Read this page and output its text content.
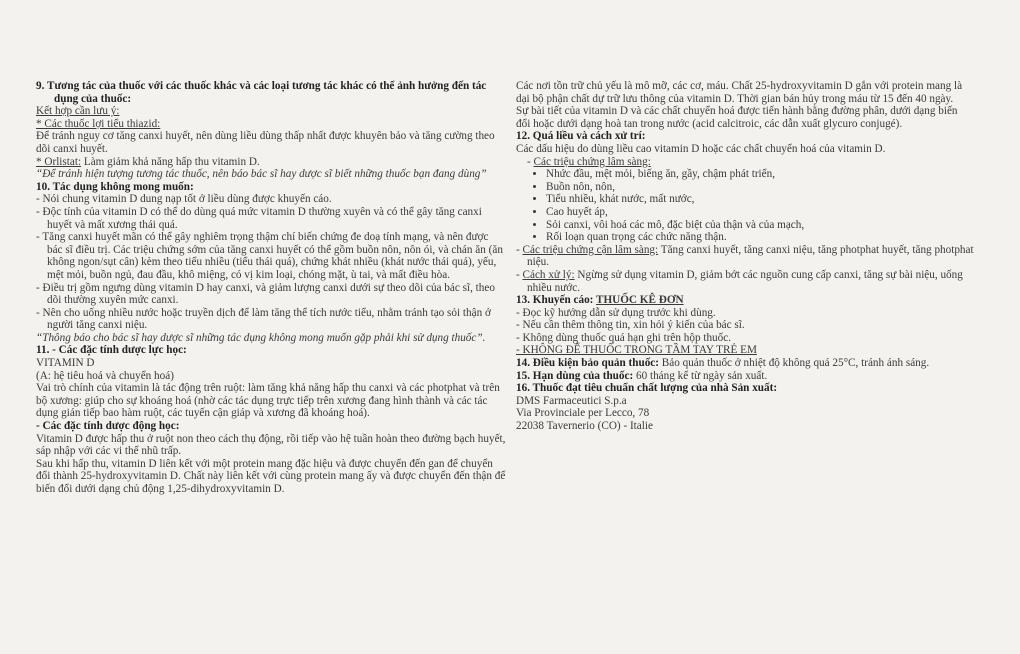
9. Tương tác của thuốc với các thuốc khác và các loại tương tác khác có thể ảnh hưởng đến tác dụng của thuốc:

Kết hợp cần lưu ý:

* Các thuốc lợi tiểu thiazid:

Để tránh nguy cơ tăng canxi huyết, nên dùng liều dùng thấp nhất được khuyên bảo và tăng cường theo dõi canxi huyết.

* Orlistat: Làm giảm khả năng hấp thu vitamin D.

“Để tránh hiện tượng tương tác thuốc, nên báo bác sĩ hay dược sĩ biết những thuốc bạn đang dùng”

10. Tác dụng không mong muốn:

- Nói chung vitamin D dung nạp tốt ở liều dùng được khuyến cáo.

- Độc tính của vitamin D có thể do dùng quá mức vitamin D thường xuyên và có thể gây tăng canxi huyết và mất xương thái quá.

- Tăng canxi huyết mãn có thể gây nghiêm trọng thậm chí biến chứng đe doạ tính mạng, và nên được bác sĩ điều trị. Các triệu chứng sớm của tăng canxi huyết có thể gồm buồn nôn, nôn ói, và chán ăn (ăn không ngon/sụt cân) kèm theo tiểu nhiều (tiểu thái quá), chứng khát nhiều (khát nước thái quá), yếu, mệt mỏi, buồn ngủ, đau đầu, khô miệng, có vị kim loại, chóng mặt, ù tai, và mất điều hòa.

- Điều trị gồm ngưng dùng vitamin D hay canxi, và giảm lượng canxi dưới sự theo dõi của bác sĩ, theo dõi thường xuyên mức canxi.

- Nên cho uống nhiều nước hoặc truyền dịch để làm tăng thể tích nước tiểu, nhằm tránh tạo sỏi thận ở người tăng canxi niệu.

“Thông báo cho bác sĩ hay dược sĩ những tác dụng không mong muốn gặp phải khi sử dụng thuốc”.

11. - Các đặc tính dược lực học:

VITAMIN D

(A: hệ tiêu hoá và chuyển hoá)

Vai trò chính của vitamin là tác động trên ruột: làm tăng khả năng hấp thu canxi và các photphat và trên bộ xương: giúp cho sự khoáng hoá (nhờ các tác dụng trực tiếp trên xương đang hình thành và các tác dụng gián tiếp bao hàm ruột, các tuyến cận giáp và xương đã khoáng hoá).

- Các đặc tính dược động học:

Vitamin D được hấp thu ở ruột non theo cách thụ động, rồi tiếp vào hệ tuần hoàn theo đường bạch huyết, sáp nhập với các vi thể nhũ trấp.

Sau khi hấp thu, vitamin D liên kết với một protein mang đặc hiệu và được chuyển đến gan để chuyển đổi thành 25-hydroxyvitamin D. Chất này liên kết với cùng protein mang ấy và được chuyển đến thận để biến đổi dưới dạng chủ động 1,25-dihydroxyvitamin D.

Các nơi tồn trữ chủ yếu là mô mỡ, các cơ, máu. Chất 25-hydroxyvitamin D gắn với protein mang là dại bộ phận chất dự trữ lưu thông của vitamin D. Thời gian bán hủy trong máu từ 15 đến 40 ngày.

Sự bài tiết của vitamin D và các chất chuyển hoá được tiến hành bằng đường phân, dưới dạng biến đổi hoặc dưới dạng hoà tan trong nước (acid calcitroic, các dẫn xuất glycuro conjugé).

12. Quá liều và cách xử trí:

Các dấu hiệu do dùng liều cao vitamin D hoặc các chất chuyển hoá của vitamin D.

- Các triệu chứng lâm sàng:

• Nhức đầu, mệt mỏi, biếng ăn, gầy, chậm phát triển,
• Buồn nôn, nôn,
• Tiểu nhiều, khát nước, mất nước,
• Cao huyết áp,
• Sỏi canxi, vôi hoá các mô, đặc biệt của thận và của mạch,
• Rối loạn quan trọng các chức năng thận.

- Các triệu chứng cận lâm sàng: Tăng canxi huyết, tăng canxi niệu, tăng photphat huyết, tăng photphat niệu.

- Cách xử lý: Ngừng sử dụng vitamin D, giảm bớt các nguồn cung cấp canxi, tăng sự bài niệu, uống nhiều nước.

13. Khuyến cáo: THUỐC KÊ ĐƠN

- Đọc kỹ hướng dẫn sử dụng trước khi dùng.

- Nếu cần thêm thông tin, xin hỏi ý kiến của bác sĩ.

- Không dùng thuốc quá hạn ghi trên hộp thuốc.

- KHÔNG ĐỂ THUỐC TRONG TẦM TAY TRẺ EM

14. Điều kiện bảo quản thuốc: Bảo quản thuốc ở nhiệt độ không quá 25°C, tránh ánh sáng.

15. Hạn dùng của thuốc: 60 tháng kể từ ngày sản xuất.

16. Thuốc đạt tiêu chuẩn chất lượng của nhà Sản xuất:

DMS Farmaceutici S.p.a

Via Provinciale per Lecco, 78

22038 Tavernerio (CO) - Italie
